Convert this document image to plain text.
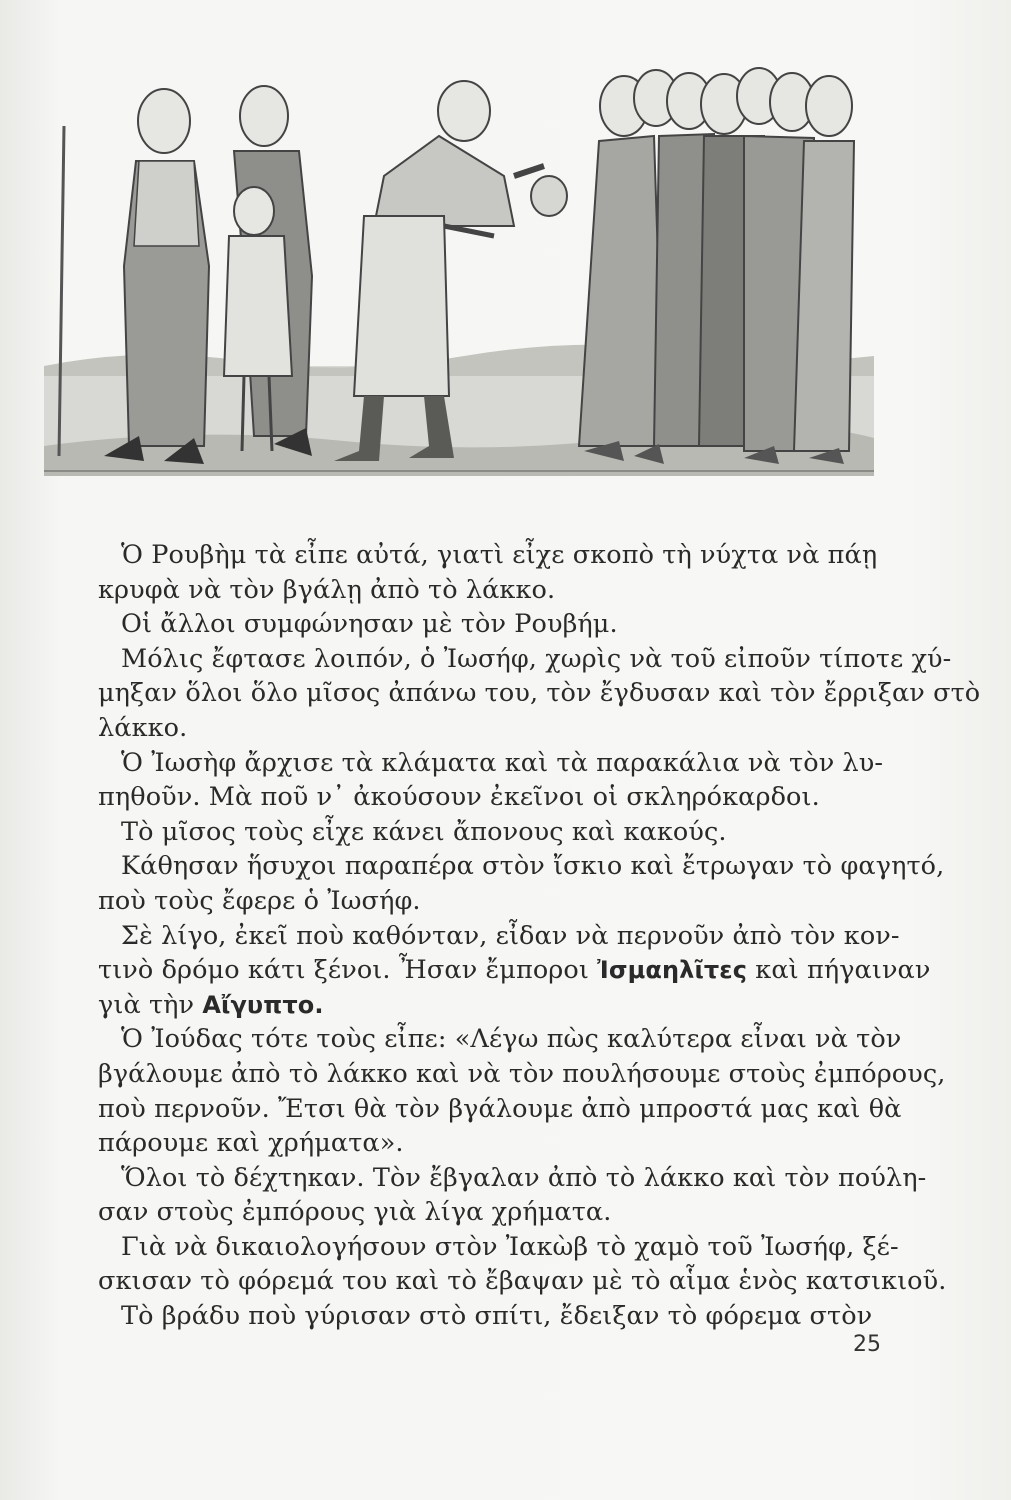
Ὁ Ρουβὴμ τὰ εἶπε αὐτά, γιατὶ εἶχε σκοπὸ τὴ νύχτα νὰ πάῃ
κρυφὰ νὰ τὸν βγάλῃ ἀπὸ τὸ λάκκο.
Οἱ ἄλλοι συμφώνησαν μὲ τὸν Ρουβήμ.
Μόλις ἔφτασε λοιπόν, ὁ Ἰωσήφ, χωρὶς νὰ τοῦ εἰποῦν τίποτε χύ-
μηξαν ὅλοι ὅλο μῖσος ἀπάνω του, τὸν ἔγδυσαν καὶ τὸν ἔρριξαν στὸ
λάκκο.
Ὁ Ἰωσὴφ ἄρχισε τὰ κλάματα καὶ τὰ παρακάλια νὰ τὸν λυ-
πηθοῦν. Μὰ ποῦ ν᾽ ἀκούσουν ἐκεῖνοι οἱ σκληρόκαρδοι.
Τὸ μῖσος τοὺς εἶχε κάνει ἄπονους καὶ κακούς.
Κάθησαν ἥσυχοι παραπέρα στὸν ἴσκιο καὶ ἔτρωγαν τὸ φαγητό,
ποὺ τοὺς ἔφερε ὁ Ἰωσήφ.
Σὲ λίγο, ἐκεῖ ποὺ καθόνταν, εἶδαν νὰ περνοῦν ἀπὸ τὸν κον-
τινὸ δρόμο κάτι ξένοι. Ἦσαν ἔμποροι Ἰσμαηλῖτες καὶ πήγαιναν
γιὰ τὴν Αἴγυπτο.
Ὁ Ἰούδας τότε τοὺς εἶπε: «Λέγω πὼς καλύτερα εἶναι νὰ τὸν
βγάλουμε ἀπὸ τὸ λάκκο καὶ νὰ τὸν πουλήσουμε στοὺς ἐμπόρους,
ποὺ περνοῦν. Ἔτσι θὰ τὸν βγάλουμε ἀπὸ μπροστά μας καὶ θὰ
πάρουμε καὶ χρήματα».
Ὅλοι τὸ δέχτηκαν. Τὸν ἔβγαλαν ἀπὸ τὸ λάκκο καὶ τὸν πούλη-
σαν στοὺς ἐμπόρους γιὰ λίγα χρήματα.
Γιὰ νὰ δικαιολογήσουν στὸν Ἰακὼβ τὸ χαμὸ τοῦ Ἰωσήφ, ξέ-
σκισαν τὸ φόρεμά του καὶ τὸ ἔβαψαν μὲ τὸ αἷμα ἑνὸς κατσικιοῦ.
Τὸ βράδυ ποὺ γύρισαν στὸ σπίτι, ἔδειξαν τὸ φόρεμα στὸν
25
